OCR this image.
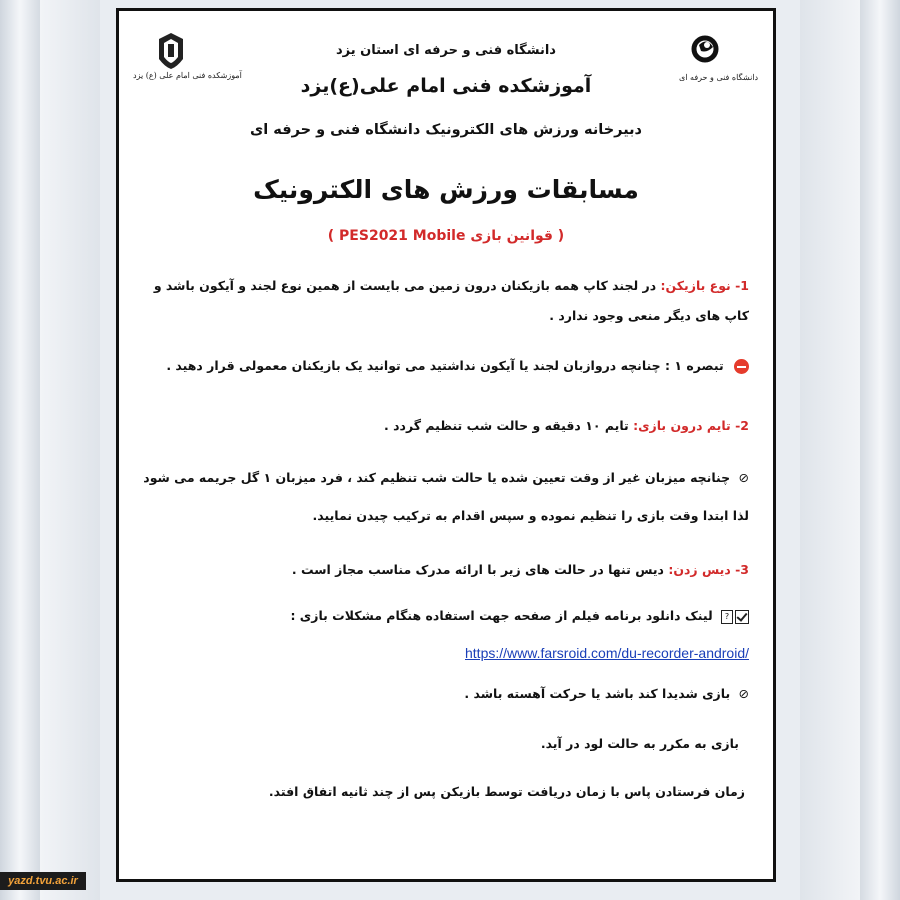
آموزشکده فنی امام علی (ع) یزد	دانشگاه فنی و حرفه ای
دانشگاه فنی و حرفه ای استان یزد
آموزشکده فنی امام علی(ع)یزد
دبیرخانه ورزش های الکترونیک دانشگاه فنی و حرفه ای
مسابقات ورزش های الکترونیک
( قوانین بازی PES2021 Mobile )
1- نوع بازیکن: در لجند کاپ همه بازیکنان درون زمین می بایست از همین نوع لجند و آیکون باشد و کاپ های دیگر منعی وجود ندارد .
تبصره ۱ : چنانچه دروازبان لجند یا آیکون نداشتید می توانید یک بازیکنان معمولی قرار دهید .
2- تایم درون بازی: تایم ۱۰ دقیقه و حالت شب تنظیم گردد .
⊘ چنانچه میزبان غیر از وقت تعیین شده یا حالت شب تنظیم کند ، فرد میزبان ۱ گل جریمه می شود لذا ابتدا وقت بازی را تنظیم نموده و سپس اقدام به ترکیب چیدن نمایید.
3- دیس زدن: دیس تنها در حالت های زیر با ارائه مدرک مناسب مجاز است .
? لینک دانلود برنامه فیلم از صفحه جهت استفاده هنگام مشکلات بازی :
https://www.farsroid.com/du-recorder-android/
⊘ بازی شدیدا کند باشد یا حرکت آهسته باشد .
بازی به مکرر به حالت لود در آید.
زمان فرستادن پاس با زمان دریافت توسط بازیکن پس از چند ثانیه اتفاق افتد.
yazd.tvu.ac.ir
